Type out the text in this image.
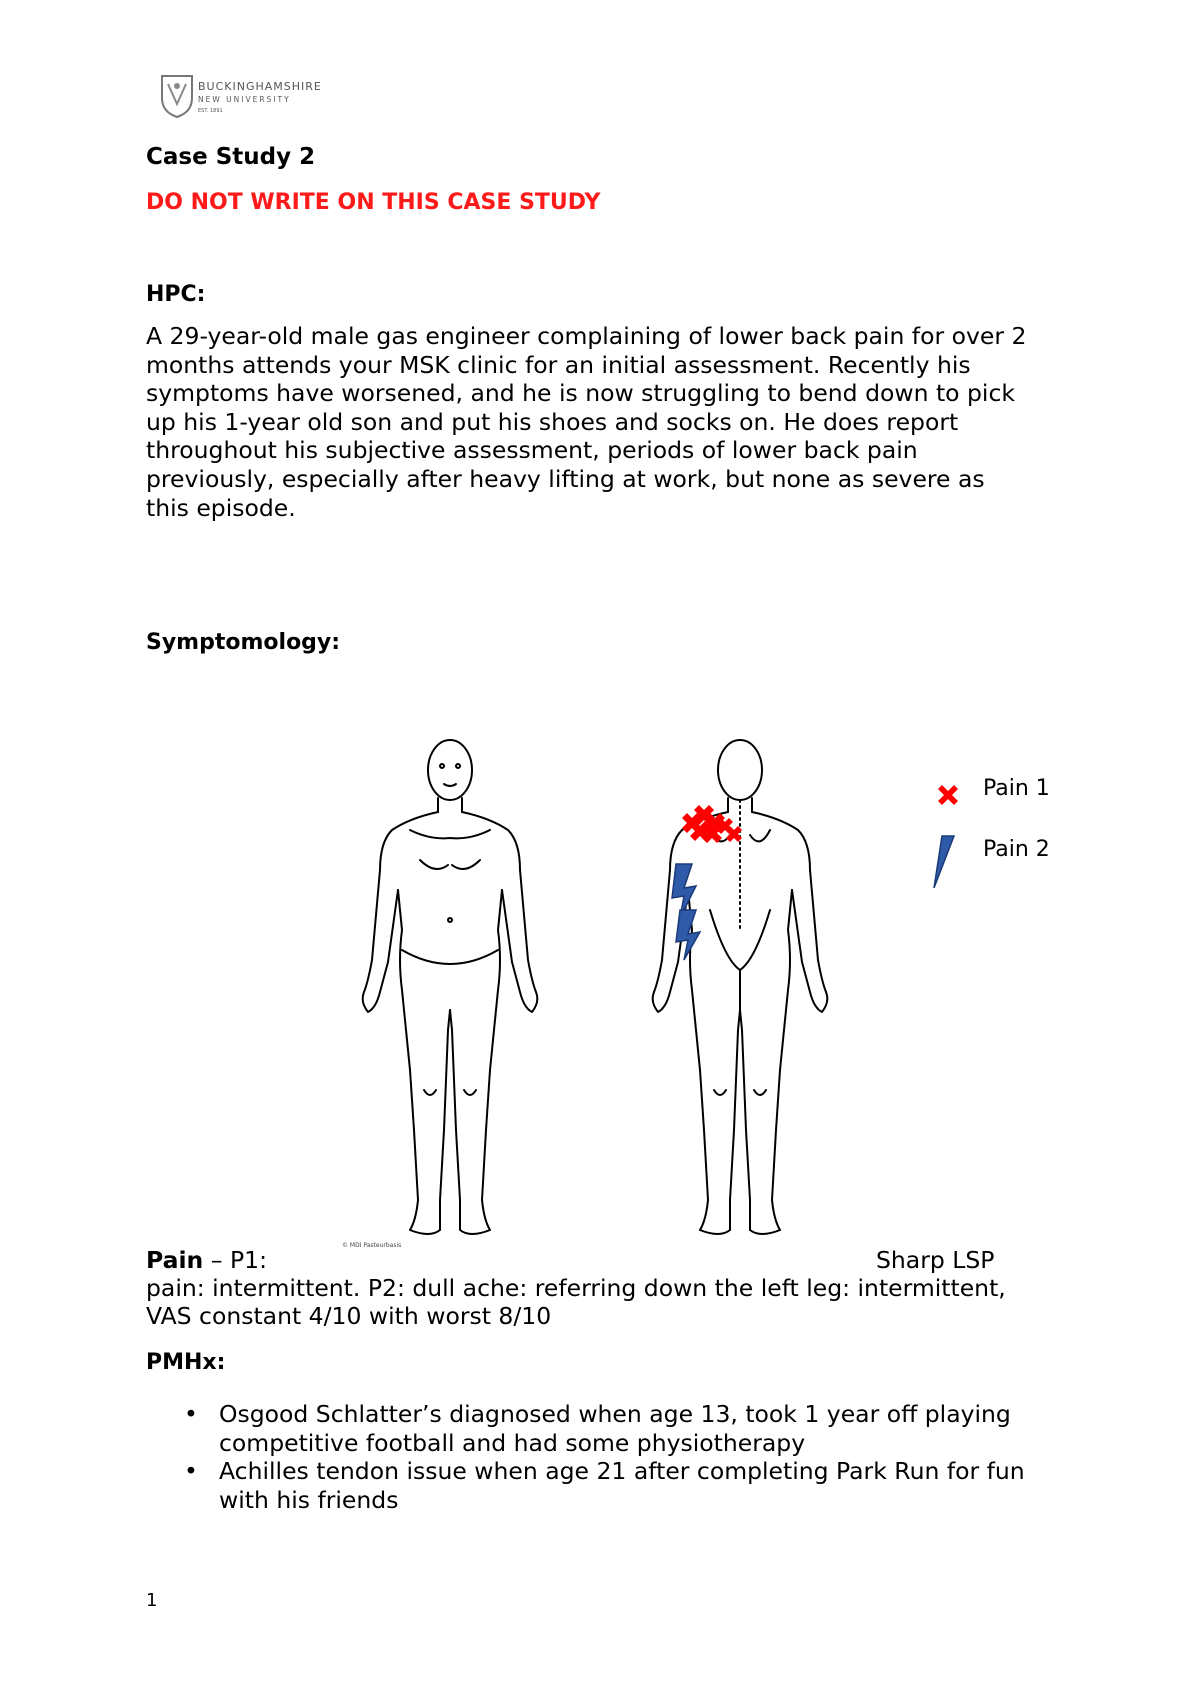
BUCKINGHAMSHIRE
NEW UNIVERSITY
EST. 1891
Case Study 2
DO NOT WRITE ON THIS CASE STUDY
HPC:
A 29-year-old male gas engineer complaining of lower back pain for over 2
months attends your MSK clinic for an initial assessment. Recently his
symptoms have worsened, and he is now struggling to bend down to pick
up his 1-year old son and put his shoes and socks on. He does report
throughout his subjective assessment, periods of lower back pain
previously, especially after heavy lifting at work, but none as severe as
this episode.
Symptomology:
Pain 1
Pain 2
© MDI Pasteurbasis
Pain – P1:	Sharp LSP
pain: intermittent. P2: dull ache: referring down the left leg: intermittent,
VAS constant 4/10 with worst 8/10
PMHx:
• Osgood Schlatter’s diagnosed when age 13, took 1 year off playing
competitive football and had some physiotherapy
• Achilles tendon issue when age 21 after completing Park Run for fun
with his friends
1
